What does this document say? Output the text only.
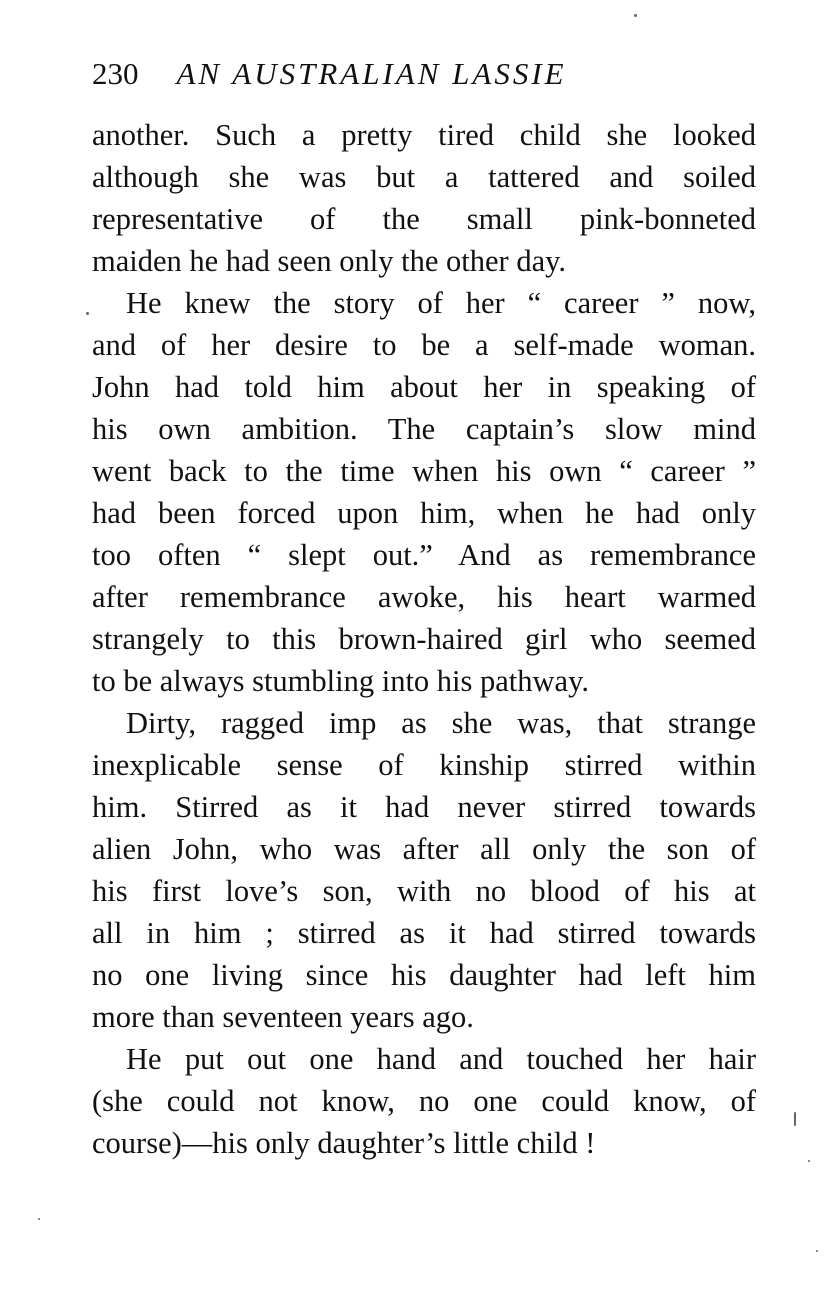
230 AN AUSTRALIAN LASSIE
another. Such a pretty tired child she looked
although she was but a tattered and soiled
representative of the small pink-bonneted
maiden he had seen only the other day.
He knew the story of her “ career ” now,
and of her desire to be a self-made woman.
John had told him about her in speaking of
his own ambition. The captain’s slow mind
went back to the time when his own “ career ”
had been forced upon him, when he had only
too often “ slept out.” And as remembrance
after remembrance awoke, his heart warmed
strangely to this brown-haired girl who seemed
to be always stumbling into his pathway.
Dirty, ragged imp as she was, that strange
inexplicable sense of kinship stirred within
him. Stirred as it had never stirred towards
alien John, who was after all only the son of
his first love’s son, with no blood of his at
all in him ; stirred as it had stirred towards
no one living since his daughter had left him
more than seventeen years ago.
He put out one hand and touched her hair
(she could not know, no one could know, of
course)—his only daughter’s little child !
